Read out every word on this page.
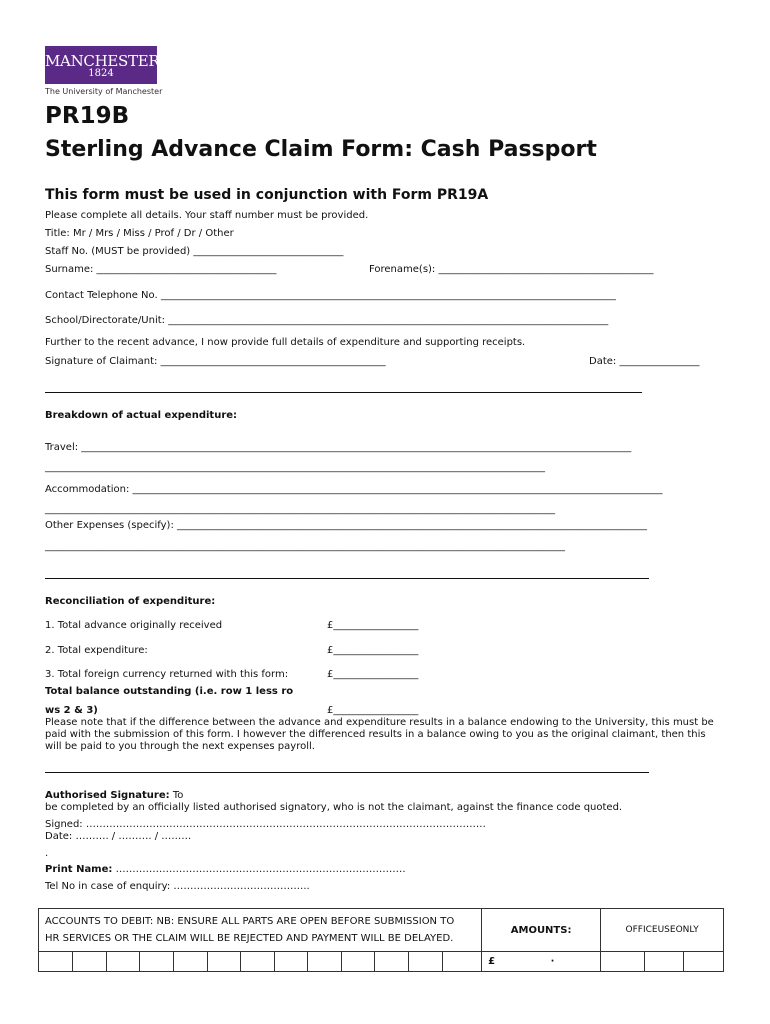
MANCHESTER
1824
The University of Manchester
PR19B
Sterling Advance Claim Form: Cash Passport
This form must be used in conjunction with Form PR19A
Please complete all details. Your staff number must be provided.
Title: Mr / Mrs / Miss / Prof / Dr / Other
Staff No. (MUST be provided) ______________________________
Surname: ____________________________________	Forename(s): ___________________________________________
Contact Telephone No. ___________________________________________________________________________________________
School/Directorate/Unit: ________________________________________________________________________________________
Further to the recent advance, I now provide full details of expenditure and supporting receipts.
Signature of Claimant: _____________________________________________	Date: ________________
Breakdown of actual expenditure:
Travel: ______________________________________________________________________________________________________________
____________________________________________________________________________________________________
Accommodation: __________________________________________________________________________________________________________
______________________________________________________________________________________________________
Other Expenses (specify): ______________________________________________________________________________________________
________________________________________________________________________________________________________
Reconciliation of expenditure:
1. Total advance originally received	£_________________
2. Total expenditure:	£_________________
3. Total foreign currency returned with this form:	£_________________
Total balance outstanding (i.e. row 1 less ro
ws 2 & 3)	£_________________
Please note that if the difference between the advance and expenditure results in a balance endowing to the University, this must be
paid with the submission of this form. I however the differenced results in a balance owing to you as the original claimant, then this
will be paid to you through the next expenses payroll.
Authorised Signature: To
be completed by an officially listed authorised signatory, who is not the claimant, against the finance code quoted.
Signed: …………………………………………………………………………………………………………
Date: ………. / ………. / ………
.
Print Name: ……………………………………………………………………………
Tel No in case of enquiry: …………………………………..
ACCOUNTS TO DEBIT: NB: ENSURE ALL PARTS ARE OPEN BEFORE SUBMISSION TO
HR SERVICES OR THE CLAIM WILL BE REJECTED AND PAYMENT WILL BE DELAYED.													AMOUNTS:	OFFICEUSEONLY		
													£ ·			
